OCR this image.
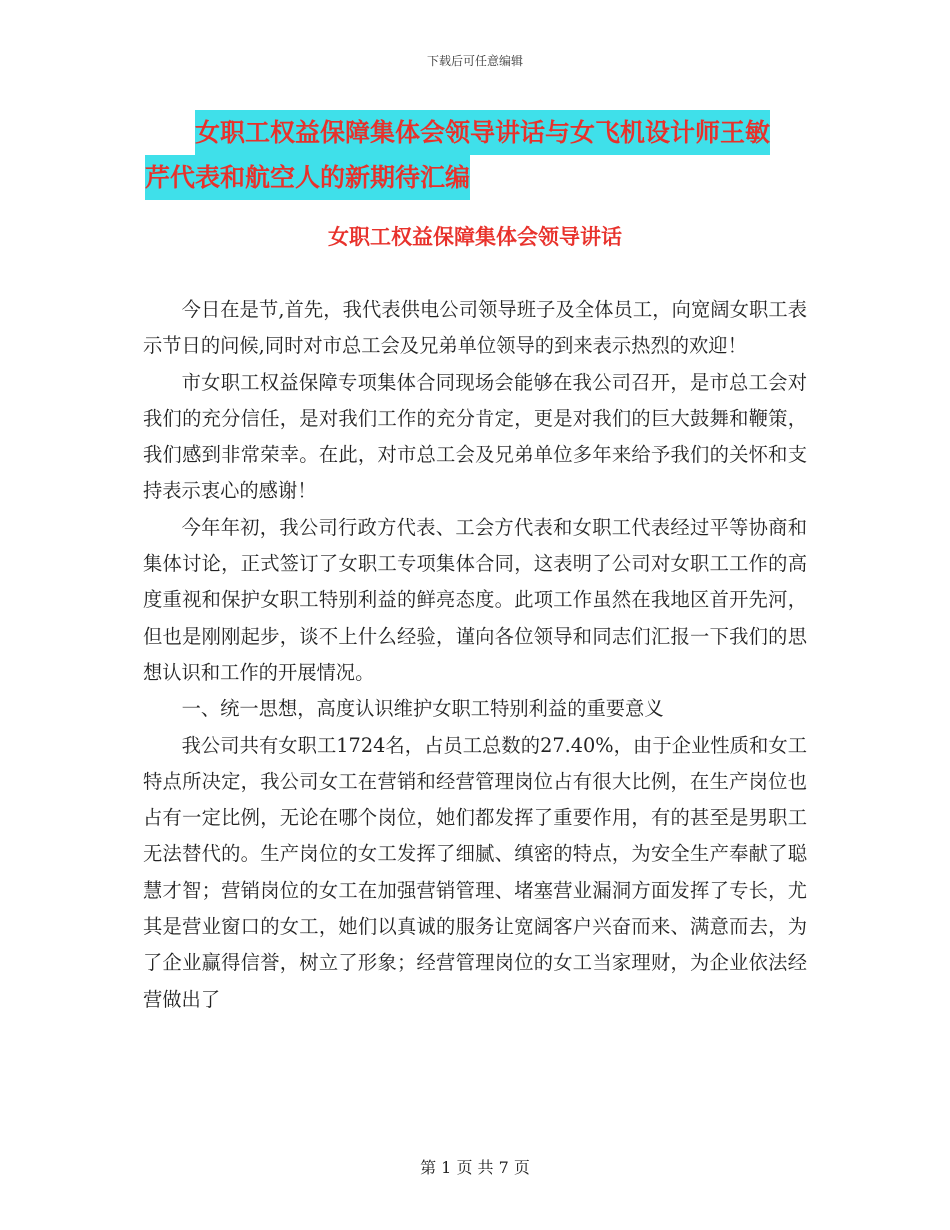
下载后可任意编辑
女职工权益保障集体会领导讲话与女飞机设计师王敏
芹代表和航空人的新期待汇编
女职工权益保障集体会领导讲话

今日在是节,首先，我代表供电公司领导班子及全体员工，向宽阔女职工表示节日的问候,同时对市总工会及兄弟单位领导的到来表示热烈的欢迎！

市女职工权益保障专项集体合同现场会能够在我公司召开，是市总工会对我们的充分信任，是对我们工作的充分肯定，更是对我们的巨大鼓舞和鞭策，我们感到非常荣幸。在此，对市总工会及兄弟单位多年来给予我们的关怀和支持表示衷心的感谢！

今年年初，我公司行政方代表、工会方代表和女职工代表经过平等协商和集体讨论，正式签订了女职工专项集体合同，这表明了公司对女职工工作的高度重视和保护女职工特别利益的鲜亮态度。此项工作虽然在我地区首开先河，但也是刚刚起步，谈不上什么经验，谨向各位领导和同志们汇报一下我们的思想认识和工作的开展情况。

一、统一思想，高度认识维护女职工特别利益的重要意义

我公司共有女职工1724名，占员工总数的27.40%，由于企业性质和女工特点所决定，我公司女工在营销和经营管理岗位占有很大比例，在生产岗位也占有一定比例，无论在哪个岗位，她们都发挥了重要作用，有的甚至是男职工无法替代的。生产岗位的女工发挥了细腻、缜密的特点，为安全生产奉献了聪慧才智；营销岗位的女工在加强营销管理、堵塞营业漏洞方面发挥了专长，尤其是营业窗口的女工，她们以真诚的服务让宽阔客户兴奋而来、满意而去，为了企业赢得信誉，树立了形象；经营管理岗位的女工当家理财，为企业依法经营做出了

第 1 页 共 7 页
